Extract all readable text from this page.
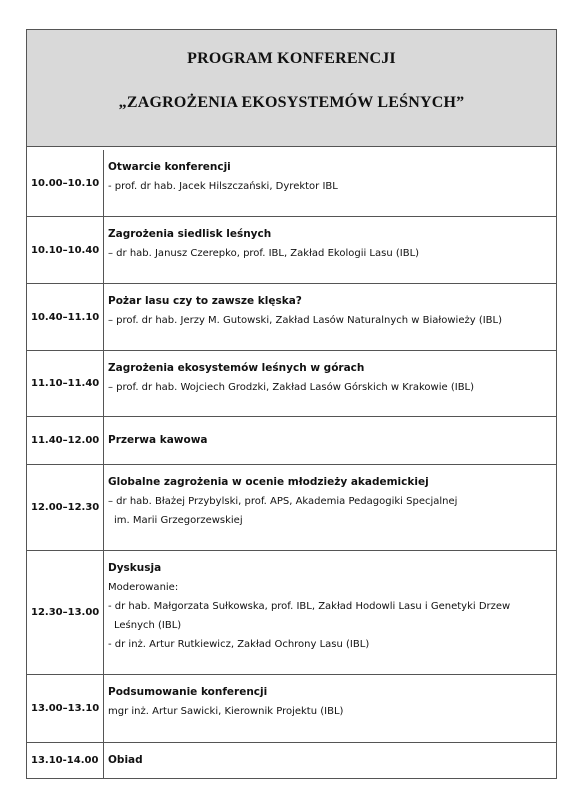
PROGRAM KONFERENCJI
„ZAGROŻENIA EKOSYSTEMÓW LEŚNYCH”
10.00–10.10
Otwarcie konferencji
- prof. dr hab. Jacek Hilszczański, Dyrektor IBL
10.10–10.40
Zagrożenia siedlisk leśnych
– dr hab. Janusz Czerepko, prof. IBL, Zakład Ekologii Lasu (IBL)
10.40–11.10
Pożar lasu czy to zawsze klęska?
– prof. dr hab. Jerzy M. Gutowski, Zakład Lasów Naturalnych w Białowieży (IBL)
11.10–11.40
Zagrożenia ekosystemów leśnych w górach
– prof. dr hab. Wojciech Grodzki, Zakład Lasów Górskich w Krakowie (IBL)
11.40–12.00 Przerwa kawowa
12.00–12.30
Globalne zagrożenia w ocenie młodzieży akademickiej
– dr hab. Błażej Przybylski, prof. APS, Akademia Pedagogiki Specjalnej
im. Marii Grzegorzewskiej
12.30–13.00
Dyskusja
Moderowanie:
- dr hab. Małgorzata Sułkowska, prof. IBL, Zakład Hodowli Lasu i Genetyki Drzew
Leśnych (IBL)
- dr inż. Artur Rutkiewicz, Zakład Ochrony Lasu (IBL)
13.00–13.10
Podsumowanie konferencji
mgr inż. Artur Sawicki, Kierownik Projektu (IBL)
13.10-14.00 Obiad
